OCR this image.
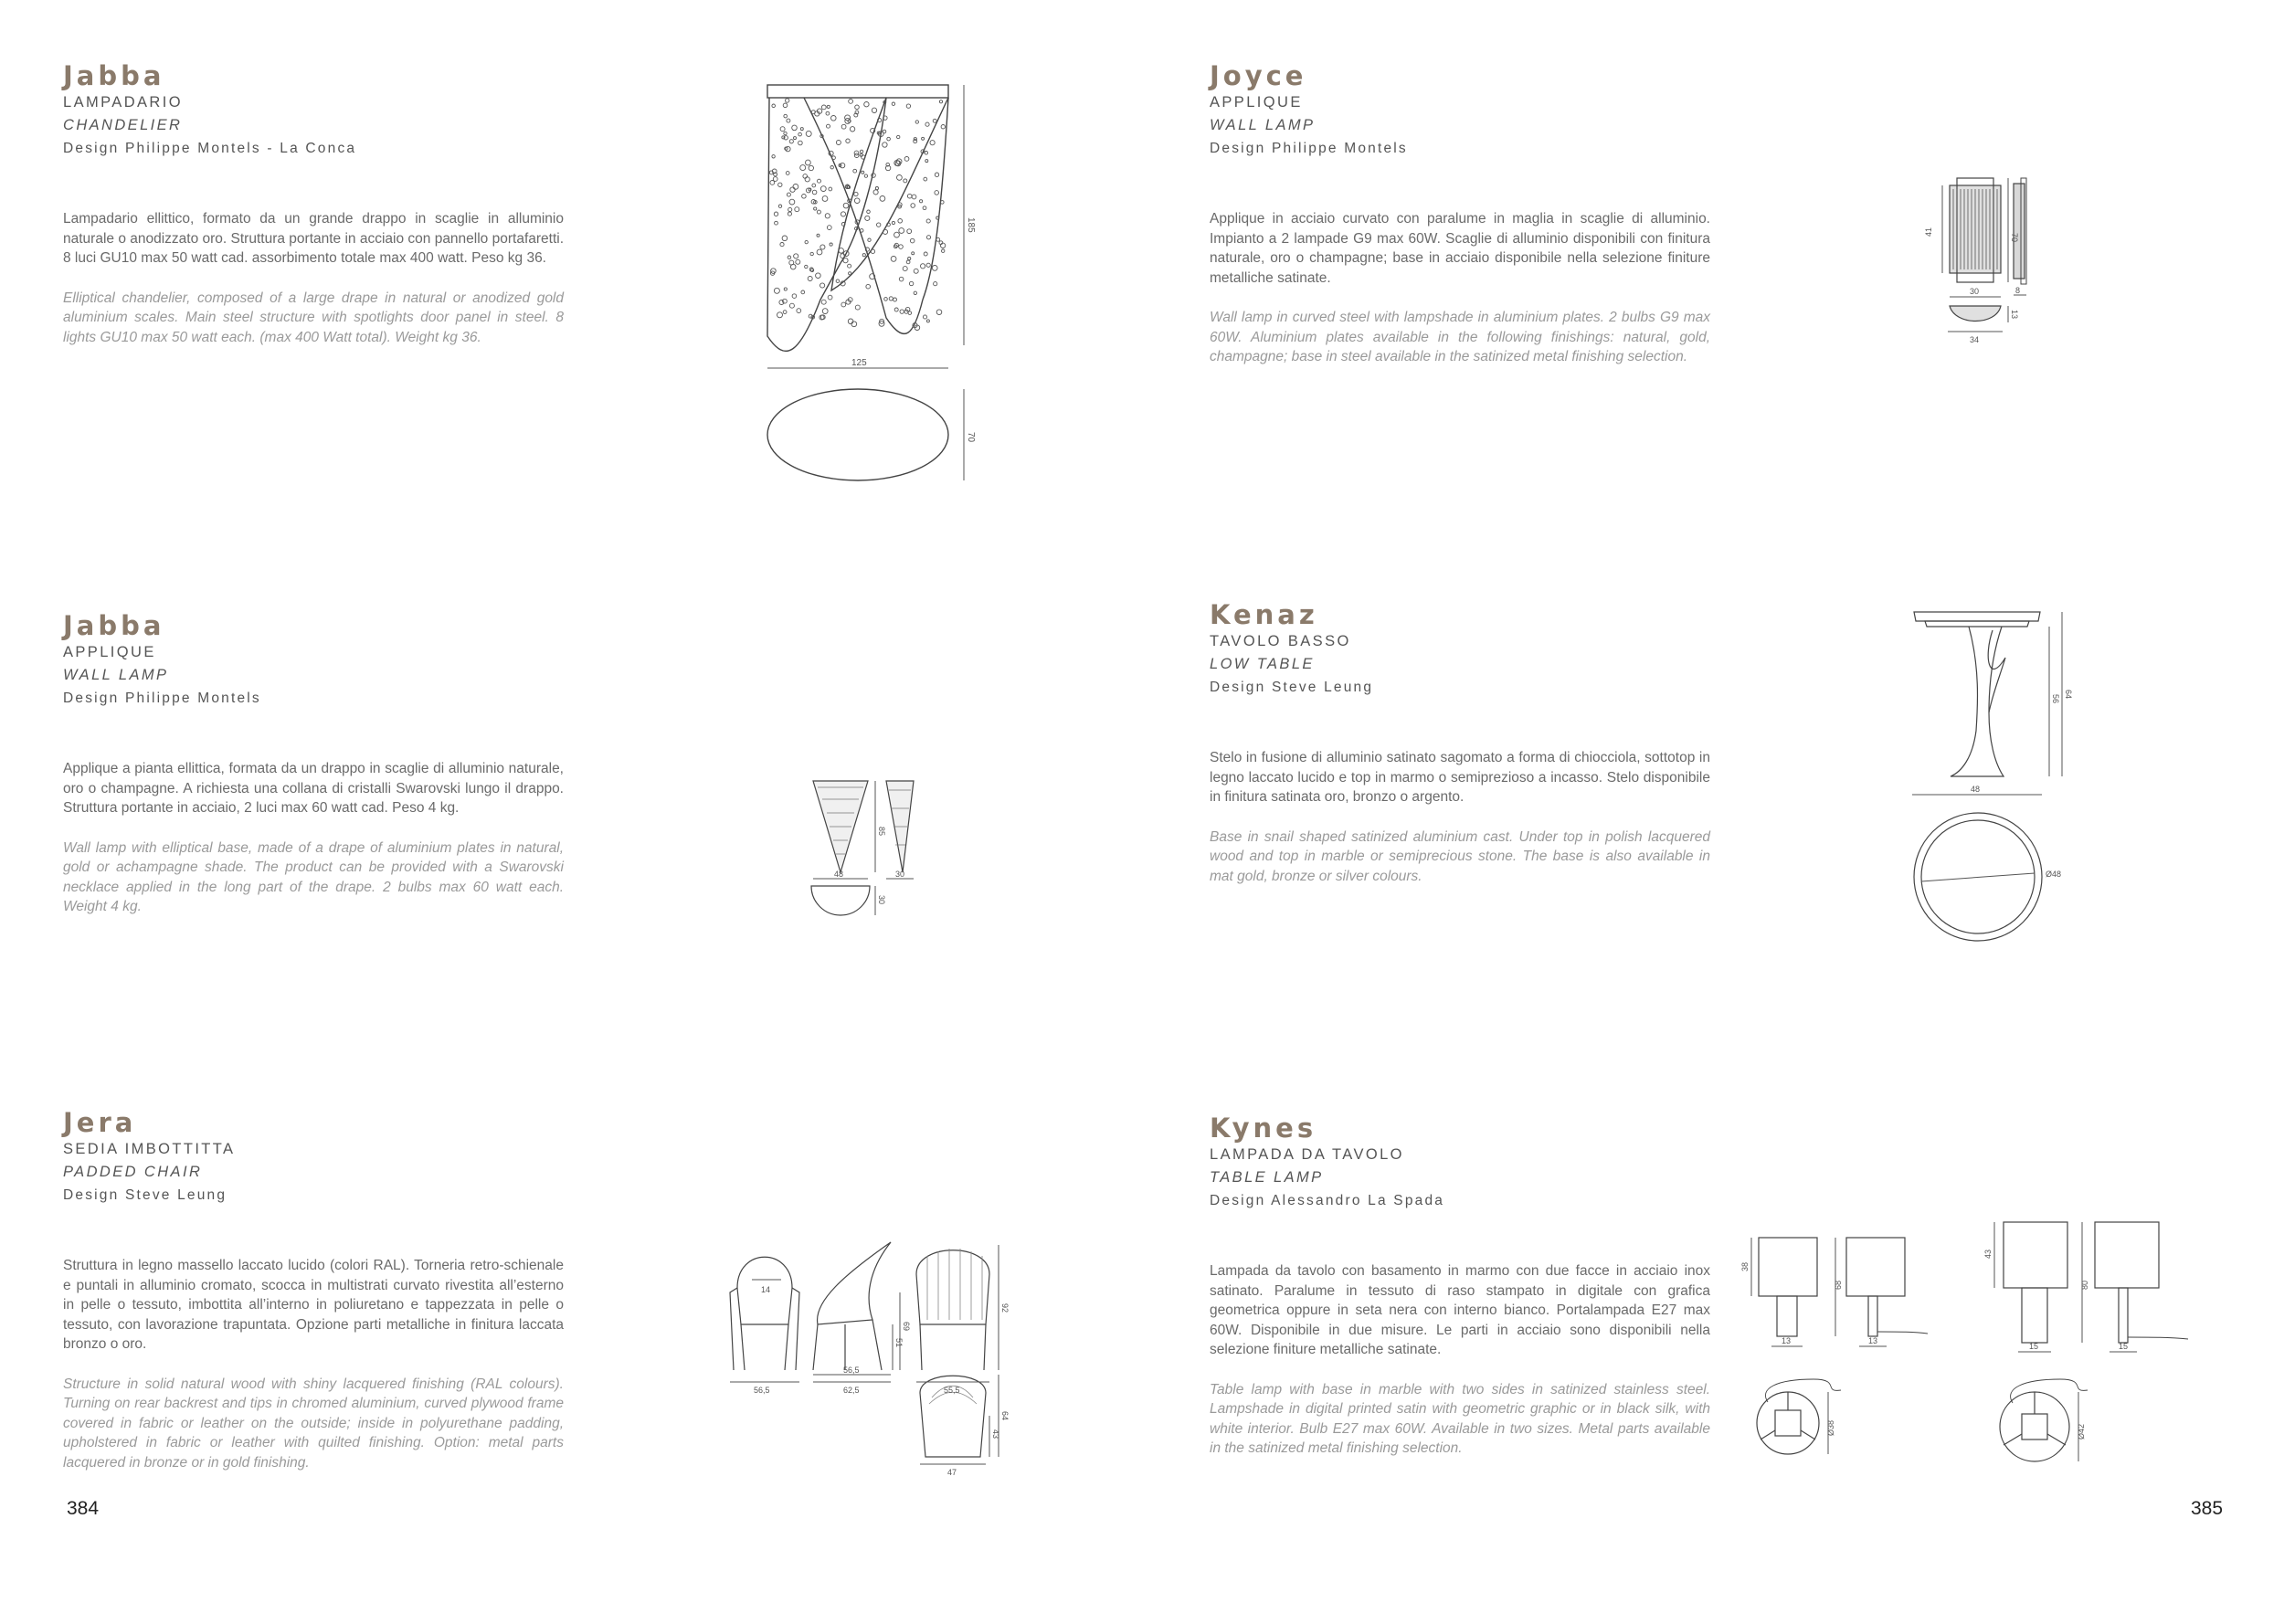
Jabba
LAMPADARIO
CHANDELIER
Design Philippe Montels - La Conca

Lampadario ellittico, formato da un grande drappo in scaglie in alluminio naturale o anodizzato oro. Struttura portante in acciaio con pannello portafaretti. 8 luci GU10 max 50 watt cad. assorbimento totale max 400 watt. Peso kg 36.

Elliptical chandelier, composed of a large drape in natural or anodized gold aluminium scales. Main steel structure with spotlights door panel in steel. 8 lights GU10 max 50 watt each. (max 400 Watt total). Weight kg 36.

185
125
70
Jabba
APPLIQUE
WALL LAMP
Design Philippe Montels

Applique a pianta ellittica, formata da un drappo in scaglie di alluminio naturale, oro o champagne. A richiesta una collana di cristalli Swarovski lungo il drappo. Struttura portante in acciaio, 2 luci max 60 watt cad. Peso 4 kg.

Wall lamp with elliptical base, made of a drape of aluminium plates in natural, gold or achampagne shade. The product can be provided with a Swarovski necklace applied in the long part of the drape. 2 bulbs max 60 watt each. Weight 4 kg.

85
48	30
30
Jera
SEDIA IMBOTTITTA
PADDED CHAIR
Design Steve Leung

Struttura in legno massello laccato lucido (colori RAL). Torneria retro-schienale e puntali in alluminio cromato, scocca in multistrati curvato rivestita all’esterno in pelle o tessuto, imbottita all’interno in poliuretano e tappezzata in pelle o tessuto, con lavorazione trapuntata. Opzione parti metalliche in finitura laccata bronzo o oro.

Structure in solid natural wood with shiny lacquered finishing (RAL colours). Turning on rear backrest and tips in chromed aluminium, curved plywood frame covered in fabric or leather on the outside; inside in polyurethane padding, upholstered in fabric or leather with quilted finishing. Option: metal parts lacquered in bronze or in gold finishing.

14
56,5
56,5
62,5	55,5
92
69
51
64
43
47
384
Joyce
APPLIQUE
WALL LAMP
Design Philippe Montels

Applique in acciaio curvato con paralume in maglia in scaglie di alluminio. Impianto a 2 lampade G9 max 60W. Scaglie di alluminio disponibili con finitura naturale, oro o champagne; base in acciaio disponibile nella selezione finiture metalliche satinate.

Wall lamp in curved steel with lampshade in aluminium plates. 2 bulbs G9 max 60W. Aluminium plates available in the following finishings: natural, gold, champagne; base in steel available in the satinized metal finishing selection.

41
70
30	8
34
13
Kenaz
TAVOLO BASSO
LOW TABLE
Design Steve Leung

Stelo in fusione di alluminio satinato sagomato a forma di chiocciola, sottotop in legno laccato lucido e top in marmo o semiprezioso a incasso. Stelo disponibile in finitura satinata oro, bronzo o argento.

Base in snail shaped satinized aluminium cast. Under top in polish lacquered wood and top in marble or semiprecious stone. The base is also available in mat gold, bronze or silver colours.

56 64
48
Ø48
Kynes
LAMPADA DA TAVOLO
TABLE LAMP
Design Alessandro La Spada

Lampada da tavolo con basamento in marmo con due facce in acciaio inox satinato. Paralume in tessuto di raso stampato in digitale con grafica geometrica oppure in seta nera con interno bianco. Portalampada E27 max 60W. Disponibile in due misure. Le parti in acciaio sono disponibili nella selezione finiture metalliche satinate.

Table lamp with base in marble with two sides in satinized stainless steel. Lampshade in digital printed satin with geometric graphic or in black silk, with white interior. Bulb E27 max 60W. Available in two sizes. Metal parts available in the satinized metal finishing selection.

38
68
13	13
Ø38
43
80
15	15
Ø42
385
